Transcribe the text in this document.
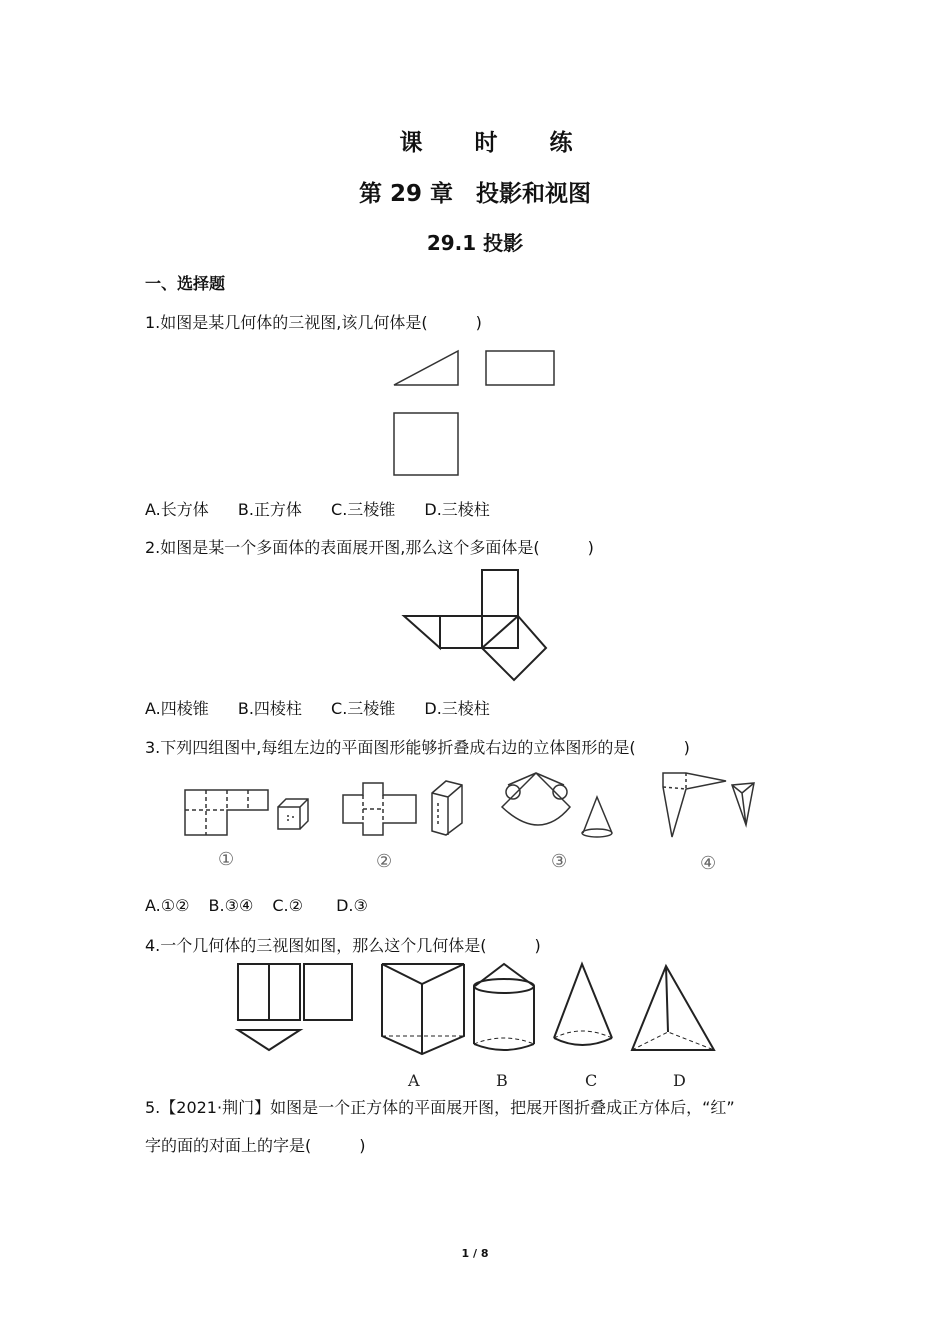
课 时 练
第 29 章　投影和视图
29.1 投影
一、选择题
1.如图是某几何体的三视图,该几何体是(　　　)
A.长方体 B.正方体 C.三棱锥 D.三棱柱
2.如图是某一个多面体的表面展开图,那么这个多面体是(　　　)
A.四棱锥 B.四棱柱 C.三棱锥 D.三棱柱
3.下列四组图中,每组左边的平面图形能够折叠成右边的立体图形的是(　　　)
①	②	③	④
A.①② B.③④ C.② D.③
4.一个几何体的三视图如图，那么这个几何体是(　　　)
A	B	C	D
5.【2021·荆门】如图是一个正方体的平面展开图，把展开图折叠成正方体后，“红”
字的面的对面上的字是(　　　)
1 / 8
